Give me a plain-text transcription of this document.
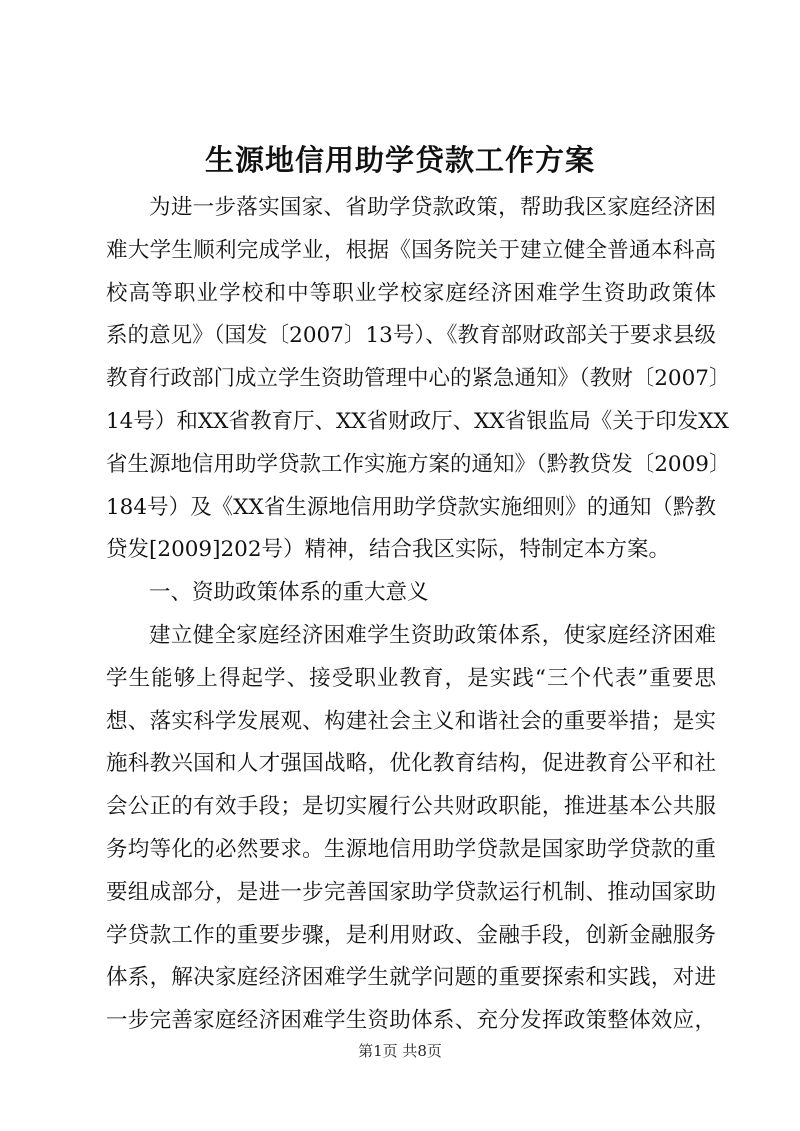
生源地信用助学贷款工作方案
为进一步落实国家、省助学贷款政策，帮助我区家庭经济困
难大学生顺利完成学业，根据《国务院关于建立健全普通本科高
校高等职业学校和中等职业学校家庭经济困难学生资助政策体
系的意见》（国发〔2007〕13号）、《教育部财政部关于要求县级
教育行政部门成立学生资助管理中心的紧急通知》（教财〔2007〕
14号）和XX省教育厅、XX省财政厅、XX省银监局《关于印发XX
省生源地信用助学贷款工作实施方案的通知》（黔教贷发〔2009〕
184号）及《XX省生源地信用助学贷款实施细则》的通知（黔教
贷发[2009]202号）精神，结合我区实际，特制定本方案。
一、资助政策体系的重大意义
建立健全家庭经济困难学生资助政策体系，使家庭经济困难
学生能够上得起学、接受职业教育，是实践“三个代表”重要思
想、落实科学发展观、构建社会主义和谐社会的重要举措；是实
施科教兴国和人才强国战略，优化教育结构，促进教育公平和社
会公正的有效手段；是切实履行公共财政职能，推进基本公共服
务均等化的必然要求。生源地信用助学贷款是国家助学贷款的重
要组成部分，是进一步完善国家助学贷款运行机制、推动国家助
学贷款工作的重要步骤，是利用财政、金融手段，创新金融服务
体系，解决家庭经济困难学生就学问题的重要探索和实践，对进
一步完善家庭经济困难学生资助体系、充分发挥政策整体效应，
第1页 共8页
